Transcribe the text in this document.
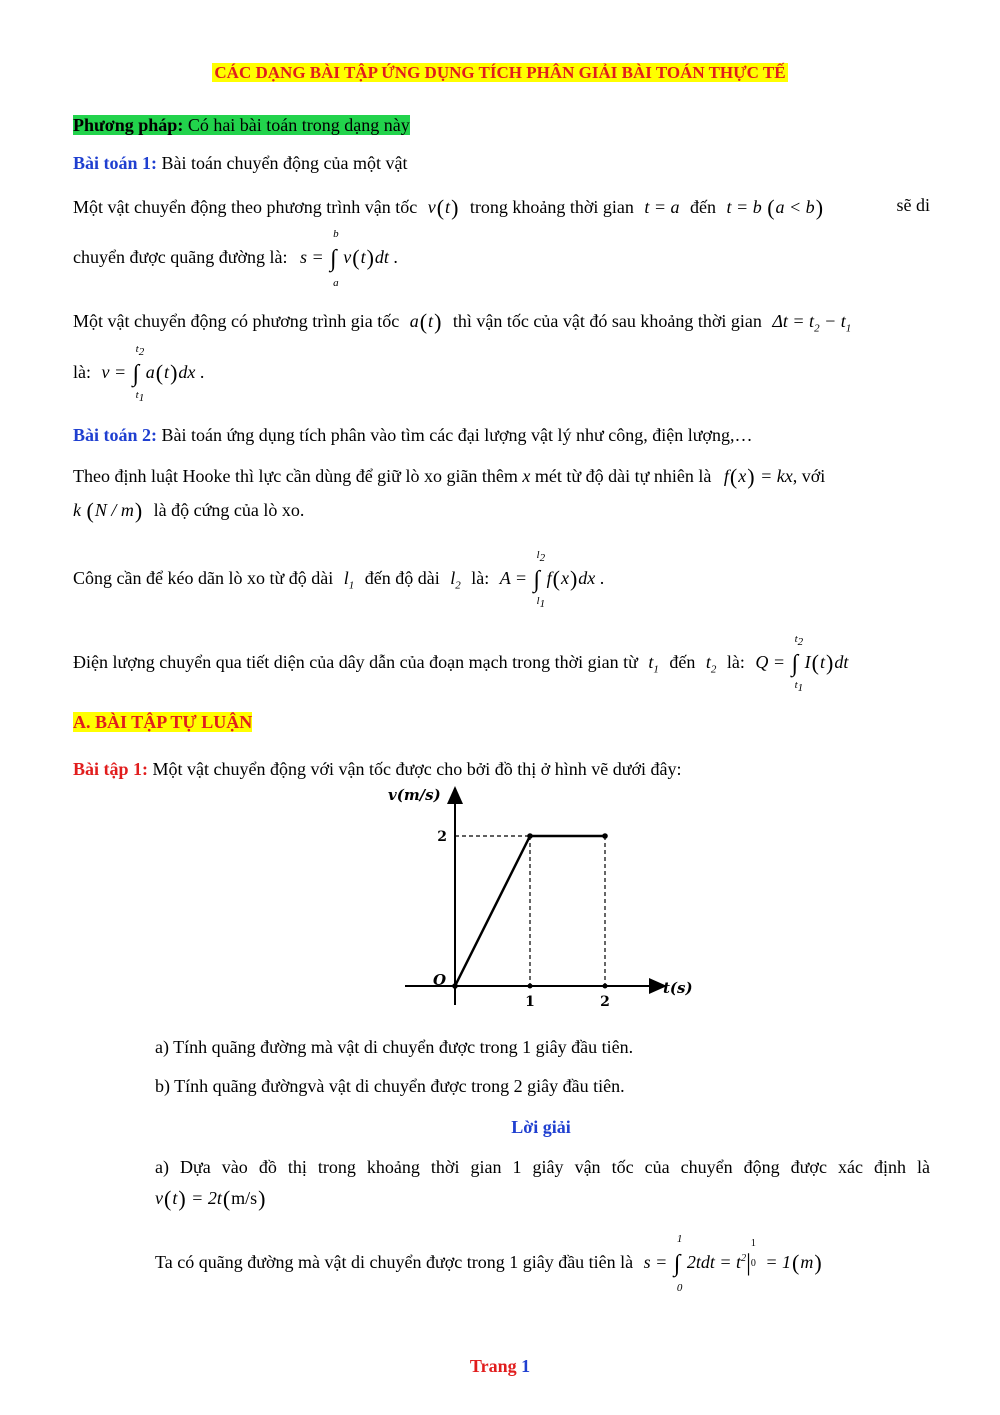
CÁC DẠNG BÀI TẬP ỨNG DỤNG TÍCH PHÂN GIẢI BÀI TOÁN THỰC TẾ
Phương pháp: Có hai bài toán trong dạng này
Bài toán 1: Bài toán chuyển động của một vật
Một vật chuyển động theo phương trình vận tốc v(t) trong khoảng thời gian t = a đến t = b (a < b)	sẽ di
chuyển được quãng đường là: s = ∫
b
a
v(t)dt .
Một vật chuyển động có phương trình gia tốc a(t) thì vận tốc của vật đó sau khoảng thời gian $\Delta t = t_2 - t_1$
là: v = ∫
$t_2$
$t_1$
a(t)dx .
Bài toán 2: Bài toán ứng dụng tích phân vào tìm các đại lượng vật lý như công, điện lượng,…
Theo định luật Hooke thì lực cần dùng để giữ lò xo giãn thêm x mét từ độ dài tự nhiên là f(x) = kx, với
k (N / m) là độ cứng của lò xo.
Công cần để kéo dãn lò xo từ độ dài $l_1$ đến độ dài $l_2$ là: A = ∫
$l_2$
$l_1$
f(x)dx .
Điện lượng chuyển qua tiết diện của dây dẫn của đoạn mạch trong thời gian từ $t_1$ đến $t_2$ là: Q = ∫
$t_2$
$t_1$
I(t)dt
A. BÀI TẬP TỰ LUẬN
Bài tập 1: Một vật chuyển động với vận tốc được cho bởi đồ thị ở hình vẽ dưới đây:
v(m/s)
t(s)
O
1	2
2
a) Tính quãng đường mà vật di chuyển được trong 1 giây đầu tiên.
b) Tính quãng đườngvà vật di chuyển được trong 2 giây đầu tiên.
Lời giải
a) Dựa vào đồ thị trong khoảng thời gian 1 giây vận tốc của chuyển động được xác định là
v(t) = 2t(m/s)
Ta có quãng đường mà vật di chuyển được trong 1 giây đầu tiên là s = ∫
1
0
$2tdt = t^2|$
1
0 = 1(m)
Trang 1
